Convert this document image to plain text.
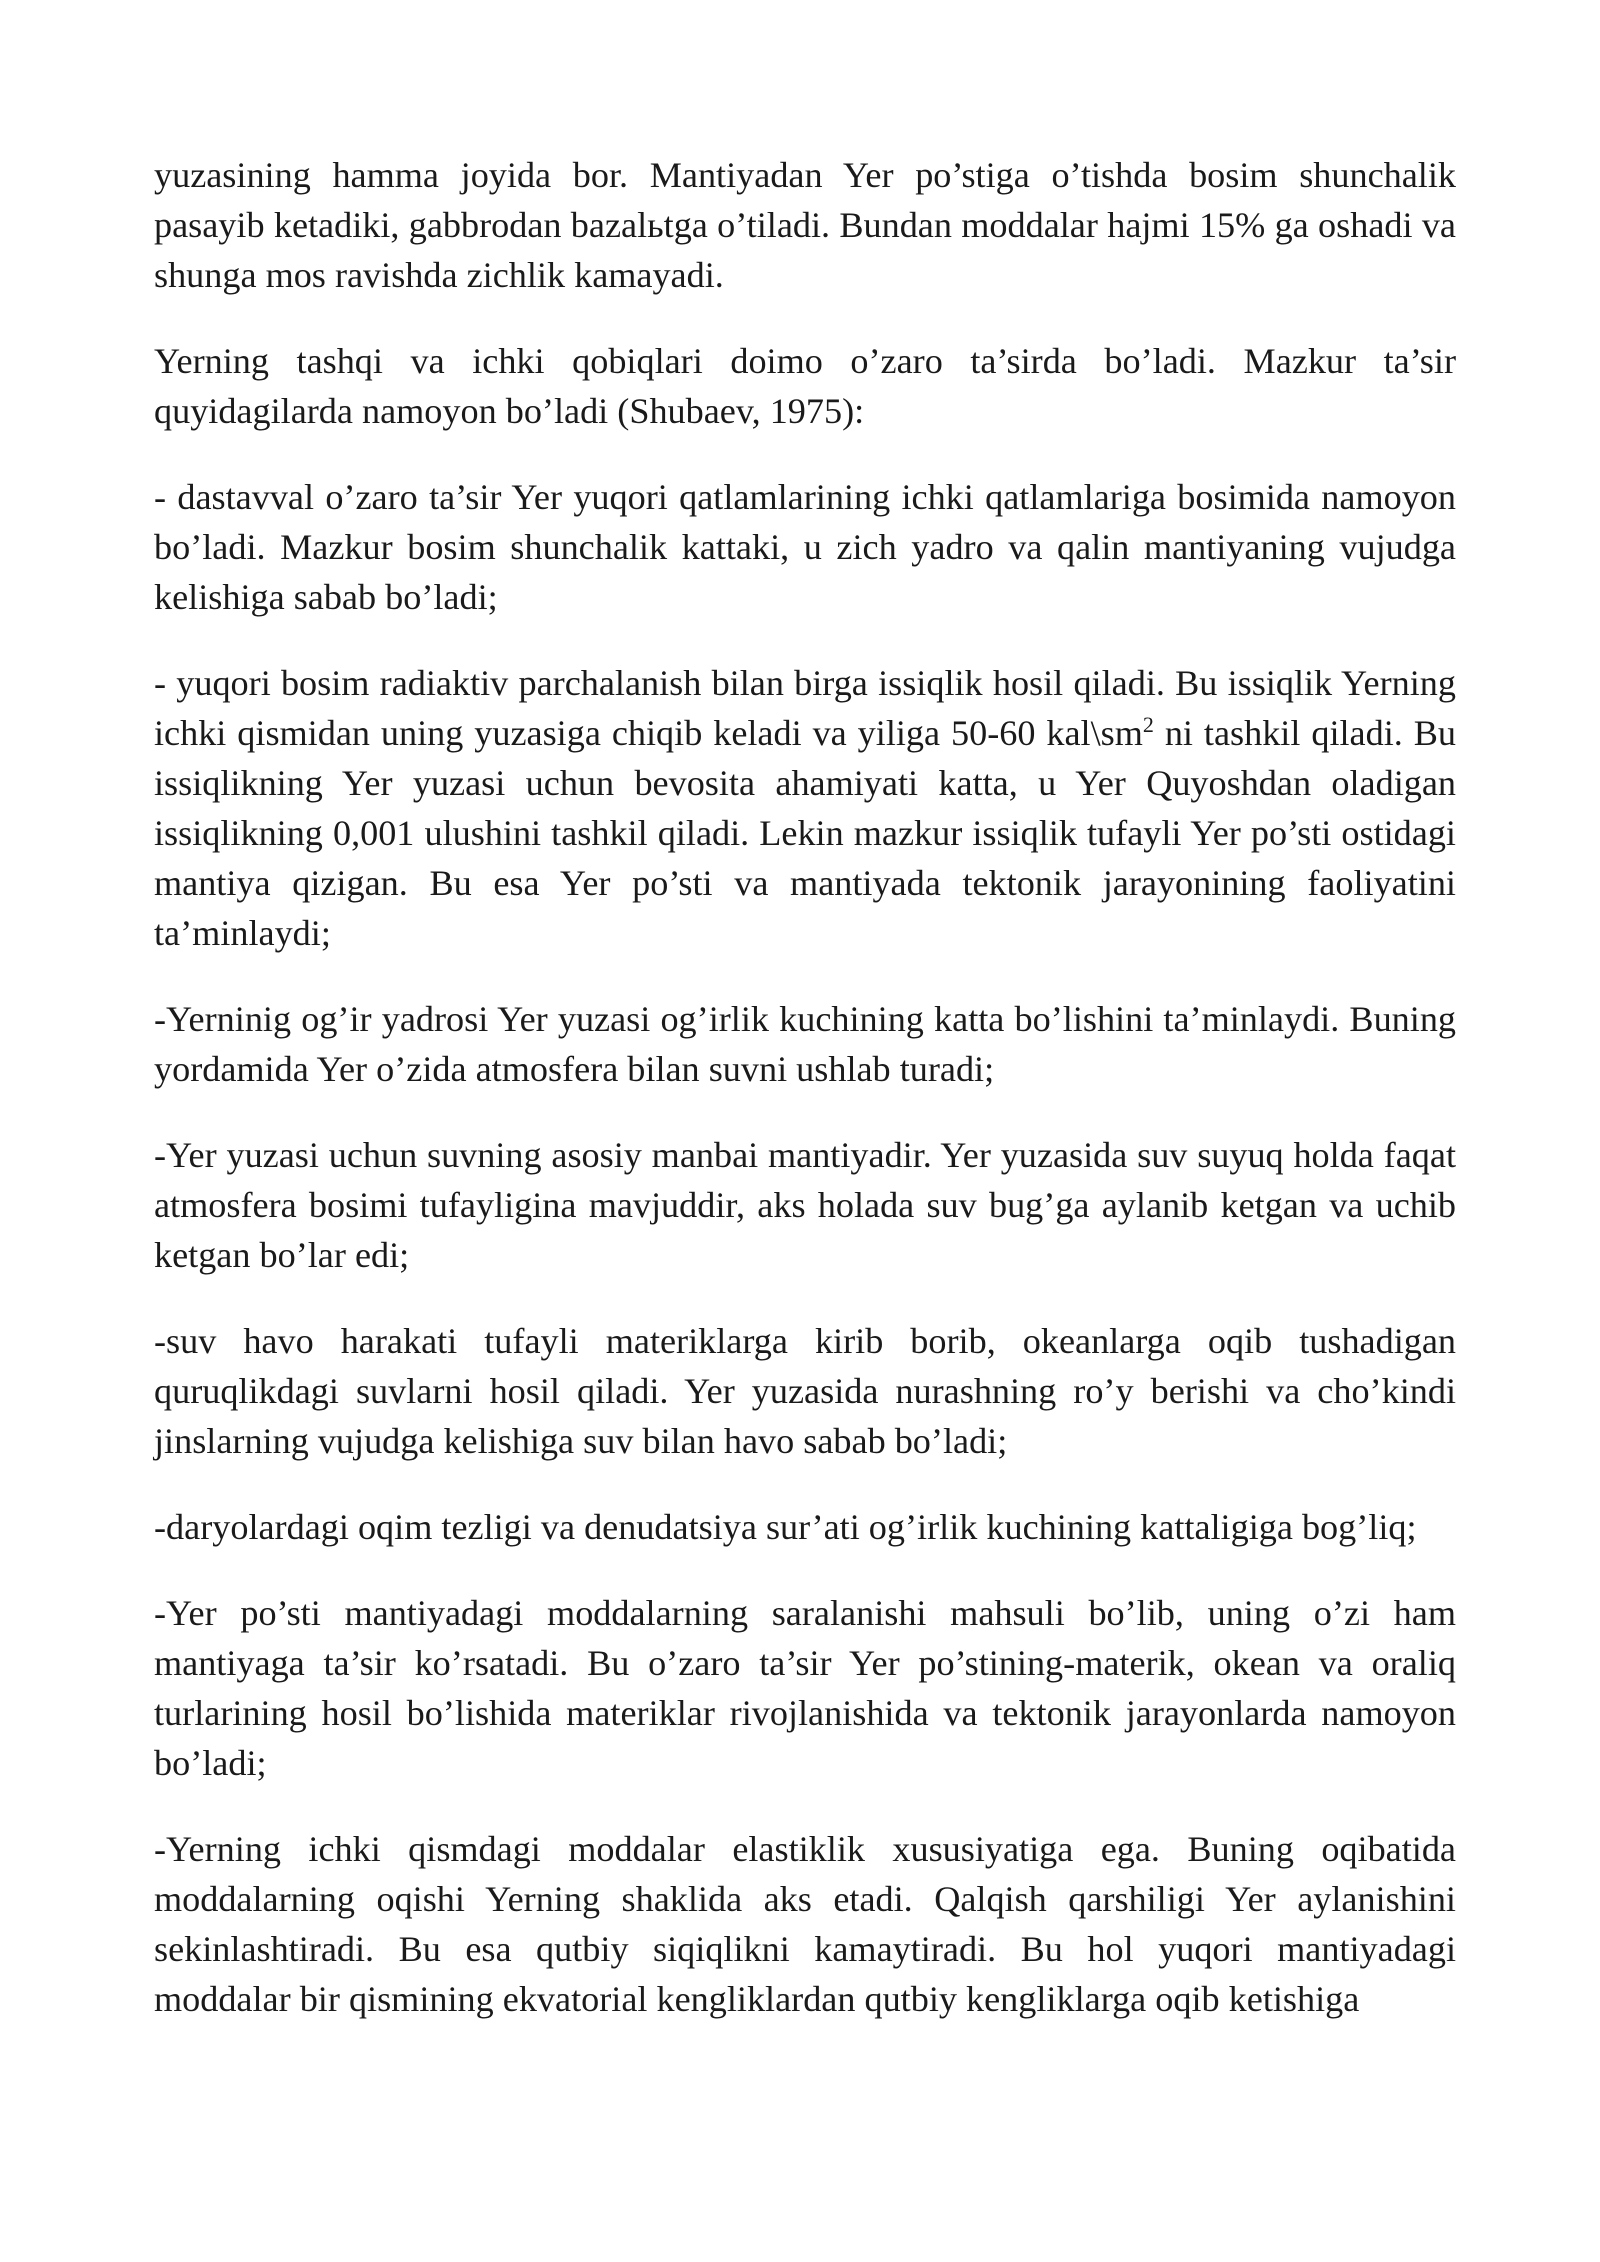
yuzasining hamma joyida bor. Mantiyadan Yer po’stiga o’tishda bosim shunchalik pasayib ketadiki, gabbrodan bazalьtga o’tiladi. Bundan moddalar hajmi 15% ga oshadi va shunga mos ravishda zichlik kamayadi.

Yerning tashqi va ichki qobiqlari doimo o’zaro ta’sirda bo’ladi. Mazkur ta’sir quyidagilarda namoyon bo’ladi (Shubaev, 1975):

- dastavval o’zaro ta’sir Yer yuqori qatlamlarining ichki qatlamlariga bosimida namoyon bo’ladi. Mazkur bosim shunchalik kattaki, u zich yadro va qalin mantiyaning vujudga kelishiga sabab bo’ladi;

- yuqori bosim radiaktiv parchalanish bilan birga issiqlik hosil qiladi. Bu issiqlik Yerning ichki qismidan uning yuzasiga chiqib keladi va yiliga 50-60 $kal\backslash sm^2$ ni tashkil qiladi. Bu issiqlikning Yer yuzasi uchun bevosita ahamiyati katta, u Yer Quyoshdan oladigan issiqlikning 0,001 ulushini tashkil qiladi. Lekin mazkur issiqlik tufayli Yer po’sti ostidagi mantiya qizigan. Bu esa Yer po’sti va mantiyada tektonik jarayonining faoliyatini ta’minlaydi;

-Yerninig og’ir yadrosi Yer yuzasi og’irlik kuchining katta bo’lishini ta’minlaydi. Buning yordamida Yer o’zida atmosfera bilan suvni ushlab turadi;

-Yer yuzasi uchun suvning asosiy manbai mantiyadir. Yer yuzasida suv suyuq holda faqat atmosfera bosimi tufayligina mavjuddir, aks holada suv bug’ga aylanib ketgan va uchib ketgan bo’lar edi;

-suv havo harakati tufayli materiklarga kirib borib, okeanlarga oqib tushadigan quruqlikdagi suvlarni hosil qiladi. Yer yuzasida nurashning ro’y berishi va cho’kindi jinslarning vujudga kelishiga suv bilan havo sabab bo’ladi;

-daryolardagi oqim tezligi va denudatsiya sur’ati og’irlik kuchining kattaligiga bog’liq;

-Yer po’sti mantiyadagi moddalarning saralanishi mahsuli bo’lib, uning o’zi ham mantiyaga ta’sir ko’rsatadi. Bu o’zaro ta’sir Yer po’stining-materik, okean va oraliq turlarining hosil bo’lishida materiklar rivojlanishida va tektonik jarayonlarda namoyon bo’ladi;

-Yerning ichki qismdagi moddalar elastiklik xususiyatiga ega. Buning oqibatida moddalarning oqishi Yerning shaklida aks etadi. Qalqish qarshiligi Yer aylanishini sekinlashtiradi. Bu esa qutbiy siqiqlikni kamaytiradi. Bu hol yuqori mantiyadagi moddalar bir qismining ekvatorial kengliklardan qutbiy kengliklarga oqib ketishiga
